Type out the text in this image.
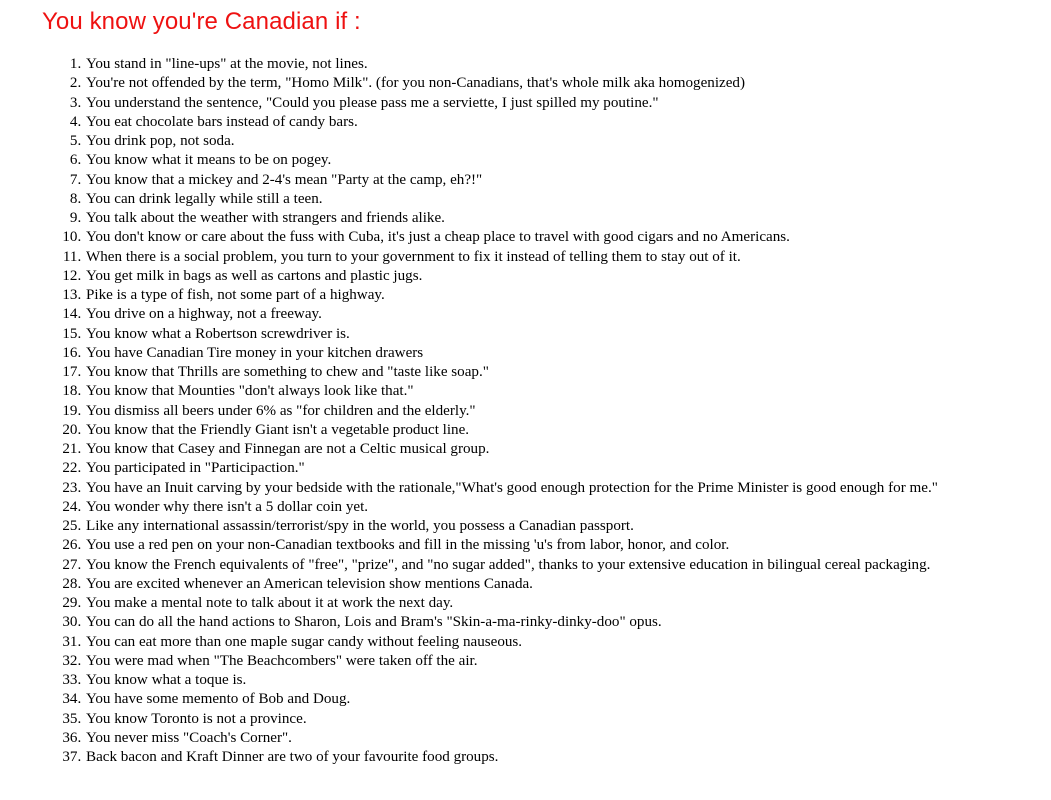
You know you're Canadian if :
1. You stand in "line-ups" at the movie, not lines.
2. You're not offended by the term, "Homo Milk". (for you non-Canadians, that's whole milk aka homogenized)
3. You understand the sentence, "Could you please pass me a serviette, I just spilled my poutine."
4. You eat chocolate bars instead of candy bars.
5. You drink pop, not soda.
6. You know what it means to be on pogey.
7. You know that a mickey and 2-4's mean "Party at the camp, eh?!"
8. You can drink legally while still a teen.
9. You talk about the weather with strangers and friends alike.
10. You don't know or care about the fuss with Cuba, it's just a cheap place to travel with good cigars and no Americans.
11. When there is a social problem, you turn to your government to fix it instead of telling them to stay out of it.
12. You get milk in bags as well as cartons and plastic jugs.
13. Pike is a type of fish, not some part of a highway.
14. You drive on a highway, not a freeway.
15. You know what a Robertson screwdriver is.
16. You have Canadian Tire money in your kitchen drawers
17. You know that Thrills are something to chew and "taste like soap."
18. You know that Mounties "don't always look like that."
19. You dismiss all beers under 6% as "for children and the elderly."
20. You know that the Friendly Giant isn't a vegetable product line.
21. You know that Casey and Finnegan are not a Celtic musical group.
22. You participated in "Participaction."
23. You have an Inuit carving by your bedside with the rationale,"What's good enough protection for the Prime Minister is good enough for me."
24. You wonder why there isn't a 5 dollar coin yet.
25. Like any international assassin/terrorist/spy in the world, you possess a Canadian passport.
26. You use a red pen on your non-Canadian textbooks and fill in the missing 'u's from labor, honor, and color.
27. You know the French equivalents of "free", "prize", and "no sugar added", thanks to your extensive education in bilingual cereal packaging.
28. You are excited whenever an American television show mentions Canada.
29. You make a mental note to talk about it at work the next day.
30. You can do all the hand actions to Sharon, Lois and Bram's "Skin-a-ma-rinky-dinky-doo" opus.
31. You can eat more than one maple sugar candy without feeling nauseous.
32. You were mad when "The Beachcombers" were taken off the air.
33. You know what a toque is.
34. You have some memento of Bob and Doug.
35. You know Toronto is not a province.
36. You never miss "Coach's Corner".
37. Back bacon and Kraft Dinner are two of your favourite food groups.
